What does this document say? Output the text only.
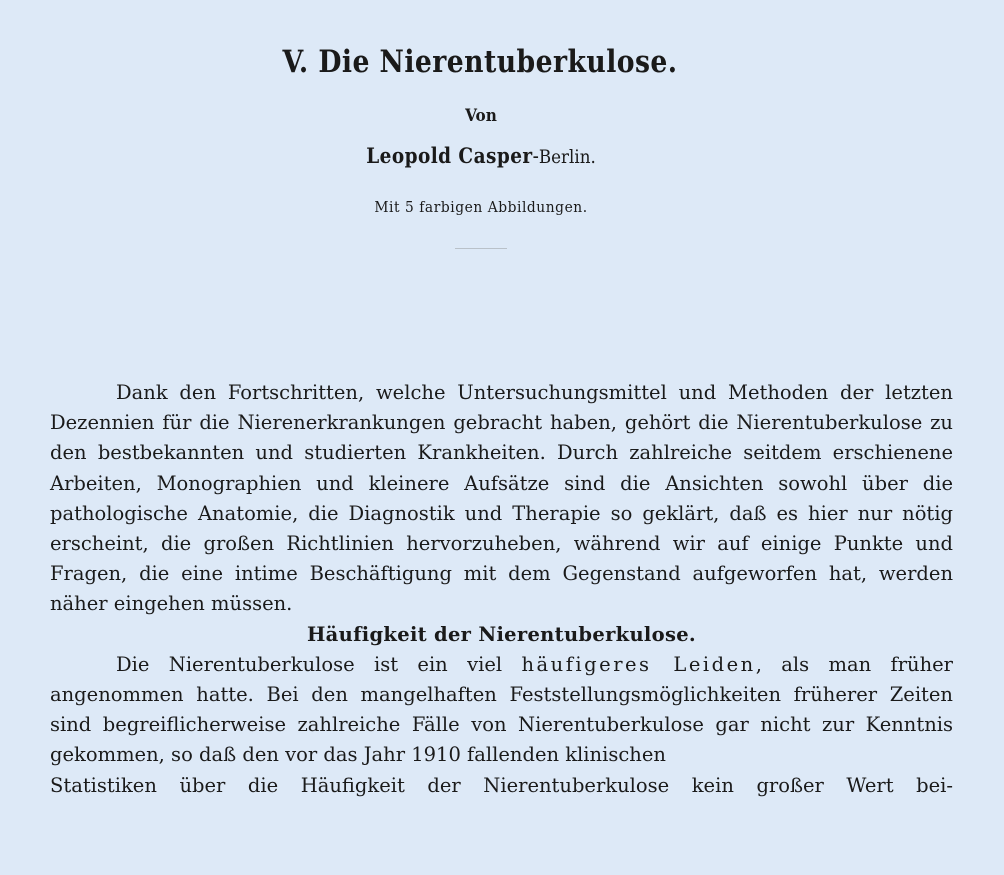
V. Die Nierentuberkulose.
Von
Leopold Casper-Berlin.
Mit 5 farbigen Abbildungen.

Dank den Fortschritten, welche Untersuchungsmittel und Methoden der letzten Dezennien für die Nierenerkrankungen gebracht haben, gehört die Nierentuberkulose zu den bestbekannten und studierten Krankheiten. Durch zahlreiche seitdem erschienene Arbeiten, Monographien und kleinere Aufsätze sind die Ansichten sowohl über die pathologische Anatomie, die Diagnostik und Therapie so geklärt, daß es hier nur nötig erscheint, die großen Richtlinien hervorzuheben, während wir auf einige Punkte und Fragen, die eine intime Beschäftigung mit dem Gegenstand aufgeworfen hat, werden näher eingehen müssen.

Häufigkeit der Nierentuberkulose.

Die Nierentuberkulose ist ein viel häufigeres Leiden, als man früher angenommen hatte. Bei den mangelhaften Feststellungsmöglichkeiten früherer Zeiten sind begreiflicherweise zahlreiche Fälle von Nierentuberkulose gar nicht zur Kenntnis gekommen, so daß den vor das Jahr 1910 fallenden klinischen

Statistiken über die Häufigkeit der Nierentuberkulose kein großer Wert bei-
